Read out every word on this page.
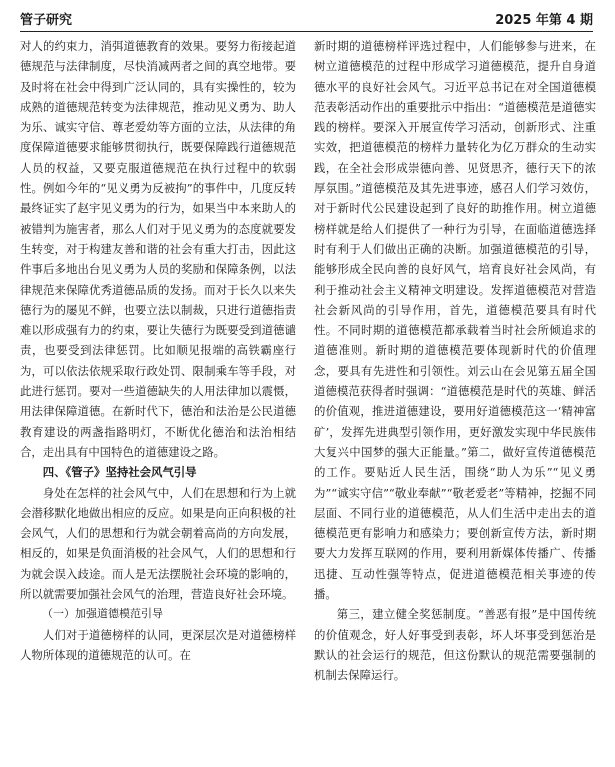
管子研究	2025 年第 4 期

对人的约束力，消弭道德教育的效果。要努力衔接起道德规范与法律制度，尽快消减两者之间的真空地带。要及时将在社会中得到广泛认同的，具有实操性的，较为成熟的道德规范转变为法律规范，推动见义勇为、助人为乐、诚实守信、尊老爱幼等方面的立法，从法律的角度保障道德要求能够贯彻执行，既要保障践行道德规范人员的权益，又要克服道德规范在执行过程中的软弱性。例如今年的“见义勇为反被拘”的事件中，几度反转最终证实了赵宇见义勇为的行为，如果当中本来助人的被错判为施害者，那么人们对于见义勇为的态度就要发生转变，对于构建友善和谐的社会有重大打击，因此这件事后多地出台见义勇为人员的奖励和保障条例，以法律规范来保障优秀道德品质的发扬。而对于长久以来失德行为的屡见不鲜，也要立法以制裁，只进行道德指责难以形成强有力的约束，要让失德行为既要受到道德谴责，也要受到法律惩罚。比如顺见报端的高铁霸座行为，可以依法依规采取行政处罚、限制乘车等手段，对此进行惩罚。要对一些道德缺失的人用法律加以震慑，用法律保障道德。在新时代下，德治和法治是公民道德教育建设的两盏指路明灯，不断优化德治和法治相结合，走出具有中国特色的道德建设之路。

四、《管子》坚持社会风气引导

身处在怎样的社会风气中，人们在思想和行为上就会潜移默化地做出相应的反应。如果是向正向积极的社会风气，人们的思想和行为就会朝着高尚的方向发展，相反的，如果是负面消极的社会风气，人们的思想和行为就会误入歧途。而人是无法摆脱社会环境的影响的，所以就需要加强社会风气的治理，营造良好社会环境。

（一）加强道德模范引导

人们对于道德榜样的认同，更深层次是对道德榜样人物所体现的道德规范的认可。在

新时期的道德榜样评选过程中，人们能够参与进来，在树立道德模范的过程中形成学习道德模范，提升自身道德水平的良好社会风气。习近平总书记在对全国道德模范表彰活动作出的重要批示中指出：“道德模范是道德实践的榜样。要深入开展宣传学习活动，创新形式、注重实效，把道德模范的榜样力量转化为亿万群众的生动实践，在全社会形成崇德向善、见贤思齐，德行天下的浓厚氛围。”道德模范及其先进事迹，感召人们学习效仿，对于新时代公民建设起到了良好的助推作用。树立道德榜样就是给人们提供了一种行为引导，在面临道德选择时有利于人们做出正确的决断。加强道德模范的引导，能够形成全民向善的良好风气，培育良好社会风尚，有利于推动社会主义精神文明建设。发挥道德模范对营造社会新风尚的引导作用，首先，道德模范要具有时代性。不同时期的道德模范都承载着当时社会所倾追求的道德准则。新时期的道德模范要体现新时代的价值理念，要具有先进性和引领性。刘云山在会见第五届全国道德模范获得者时强调：“道德模范是时代的英雄、鲜活的价值观，推进道德建设，要用好道德模范这一‘精神富矿’，发挥先进典型引领作用，更好激发实现中华民族伟大复兴中国梦的强大正能量。”第二，做好宣传道德模范的工作。要贴近人民生活，围绕“助人为乐”“见义勇为”“诚实守信”“敬业奉献”“敬老爱老”等精神，挖掘不同层面、不同行业的道德模范，从人们生活中走出去的道德模范更有影响力和感染力；要创新宣传方法，新时期要大力发挥互联网的作用，要利用新媒体传播广、传播迅捷、互动性强等特点，促进道德模范相关事迹的传播。

第三，建立健全奖惩制度。“善恶有报”是中国传统的价值观念，好人好事受到表彰，坏人坏事受到惩治是默认的社会运行的规范，但这份默认的规范需要强制的机制去保障运行。
